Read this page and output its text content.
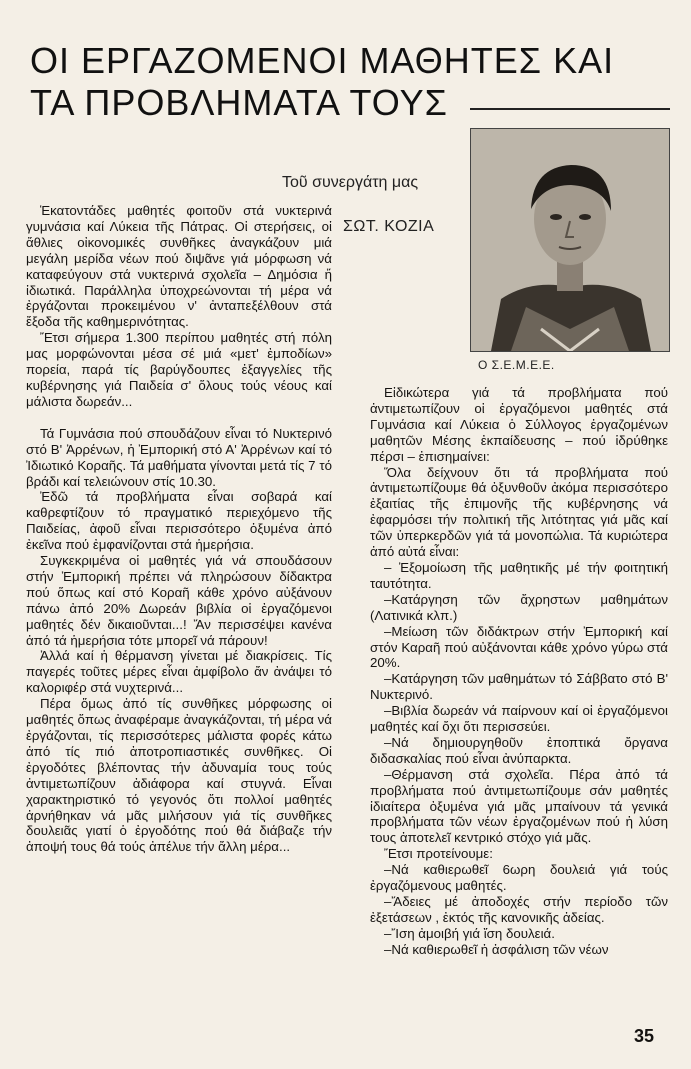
ΟΙ ΕΡΓΑΖΟΜΕΝΟΙ ΜΑΘΗΤΕΣ ΚΑΙ
ΤΑ ΠΡΟΒΛΗΜΑΤΑ ΤΟΥΣ
Τοῦ συνεργάτη μας
ΣΩΤ. ΚΟΖΙΑ
Ο Σ.Ε.Μ.Ε.Ε.

Ἑκατοντάδες μαθητές φοιτοῦν στά νυκτερινά γυμνάσια καί Λύκεια τῆς Πάτρας. Οἱ στερήσεις, οἱ ἄθλιες οἰκονομικές συνθῆκες ἀναγκάζουν μιά μεγάλη μερίδα νέων πού διψᾶνε γιά μόρφωση νά καταφεύγουν στά νυκτερινά σχολεῖα – Δημόσια ἤ ἰδιωτικά. Παράλληλα ὑποχρεώνονται τή μέρα νά ἐργάζονται προκειμένου ν' ἀνταπεξέλθουν στά ἔξοδα τῆς καθημερινότητας.

Ἔτσι σήμερα 1.300 περίπου μαθητές στή πόλη μας μορφώνονται μέσα σέ μιά «μετ' ἐμποδίων» πορεία, παρά τίς βαρύγδουπες ἐξαγγελίες τῆς κυβέρνησης γιά Παιδεία σ' ὅλους τούς νέους καί μάλιστα δωρεάν...

Τά Γυμνάσια πού σπουδάζουν εἶναι τό Νυκτερινό στό Β' Ἀρρένων, ἡ Ἐμπορική στό Α' Ἀρρένων καί τό Ἰδιωτικό Κοραῆς. Τά μαθήματα γίνονται μετά τίς 7 τό βράδι καί τελειώνουν στίς 10.30.

Ἐδῶ τά προβλήματα εἶναι σοβαρά καί καθρεφτίζουν τό πραγματικό περιεχόμενο τῆς Παιδείας, ἀφοῦ εἶναι περισσότερο ὀξυμένα ἀπό ἐκεῖνα πού ἐμφανίζονται στά ἡμερήσια.

Συγκεκριμένα οἱ μαθητές γιά νά σπουδάσουν στήν Ἐμπορική πρέπει νά πληρώσουν δίδακτρα πού ὅπως καί στό Κοραῆ κάθε χρόνο αὐξάνουν πάνω ἀπό 20% Δωρεάν βιβλία οἱ ἐργαζόμενοι μαθητές δέν δικαιοῦνται...! Ἄν περισσέψει κανένα ἀπό τά ἡμερήσια τότε μπορεῖ νά πάρουν!

Ἀλλά καί ἡ θέρμανση γίνεται μέ διακρίσεις. Τίς παγερές τοῦτες μέρες εἶναι ἀμφίβολο ἄν ἀνάψει τό καλοριφέρ στά νυχτερινά...

Πέρα ὅμως ἀπό τίς συνθῆκες μόρφωσης οἱ μαθητές ὅπως ἀναφέραμε ἀναγκάζονται, τή μέρα νά ἐργάζονται, τίς περισσότερες μάλιστα φορές κάτω ἀπό τίς πιό ἀποτροπιαστικές συνθῆκες. Οἱ ἐργοδότες βλέποντας τήν ἀδυναμία τους τούς ἀντιμετωπίζουν ἀδιάφορα καί στυγνά. Εἶναι χαρακτηριστικό τό γεγονός ὅτι πολλοί μαθητές ἀρνήθηκαν νά μᾶς μιλήσουν γιά τίς συνθῆκες δουλειᾶς γιατί ὁ ἐργοδότης πού θά διάβαζε τήν ἀποψή τους θά τούς ἀπέλυε τήν ἄλλη μέρα...

Εἰδικώτερα γιά τά προβλήματα πού ἀντιμετωπίζουν οἱ ἐργαζόμενοι μαθητές στά Γυμνάσια καί Λύκεια ὁ Σύλλογος ἐργαζομένων μαθητῶν Μέσης ἐκπαίδευσης – πού ἱδρύθηκε πέρσι – ἐπισημαίνει:

Ὅλα δείχνουν ὅτι τά προβλήματα πού ἀντιμετωπίζουμε θά ὀξυνθοῦν ἀκόμα περισσότερο ἐξαιτίας τῆς ἐπιμονῆς τῆς κυβέρνησης νά ἐφαρμόσει τήν πολιτική τῆς λιτότητας γιά μᾶς καί τῶν ὑπερκερδῶν γιά τά μονοπώλια. Τά κυριώτερα ἀπό αὐτά εἶναι:

– Ἐξομοίωση τῆς μαθητικῆς μέ τήν φοιτητική ταυτότητα.

–Κατάργηση τῶν ἄχρηστων μαθημάτων (Λατινικά κλπ.)

–Μείωση τῶν διδάκτρων στήν Ἐμπορική καί στόν Καραῆ πού αὐξάνονται κάθε χρόνο γύρω στά 20%.

–Κατάργηση τῶν μαθημάτων τό Σάββατο στό Β' Νυκτερινό.

–Βιβλία δωρεάν νά παίρνουν καί οἱ ἐργαζόμενοι μαθητές καί ὄχι ὅτι περισσεύει.

–Νά δημιουργηθοῦν ἐποπτικά ὄργανα διδασκαλίας πού εἶναι ἀνύπαρκτα.

–Θέρμανση στά σχολεῖα. Πέρα ἀπό τά προβλήματα πού ἀντιμετωπίζουμε σάν μαθητές ἰδιαίτερα ὀξυμένα γιά μᾶς μπαίνουν τά γενικά προβλήματα τῶν νέων ἐργαζομένων πού ἡ λύση τους ἀποτελεῖ κεντρικό στόχο γιά μᾶς.

Ἔτσι προτείνουμε:

–Νά καθιερωθεῖ 6ωρη δουλειά γιά τούς ἐργαζόμενους μαθητές.

–Ἄδειες μέ ἀποδοχές στήν περίοδο τῶν ἐξετάσεων , ἐκτός τῆς κανονικῆς ἀδείας.

–Ἴση ἀμοιβή γιά ἴση δουλειά.

–Νά καθιερωθεῖ ἡ ἀσφάλιση τῶν νέων

35
